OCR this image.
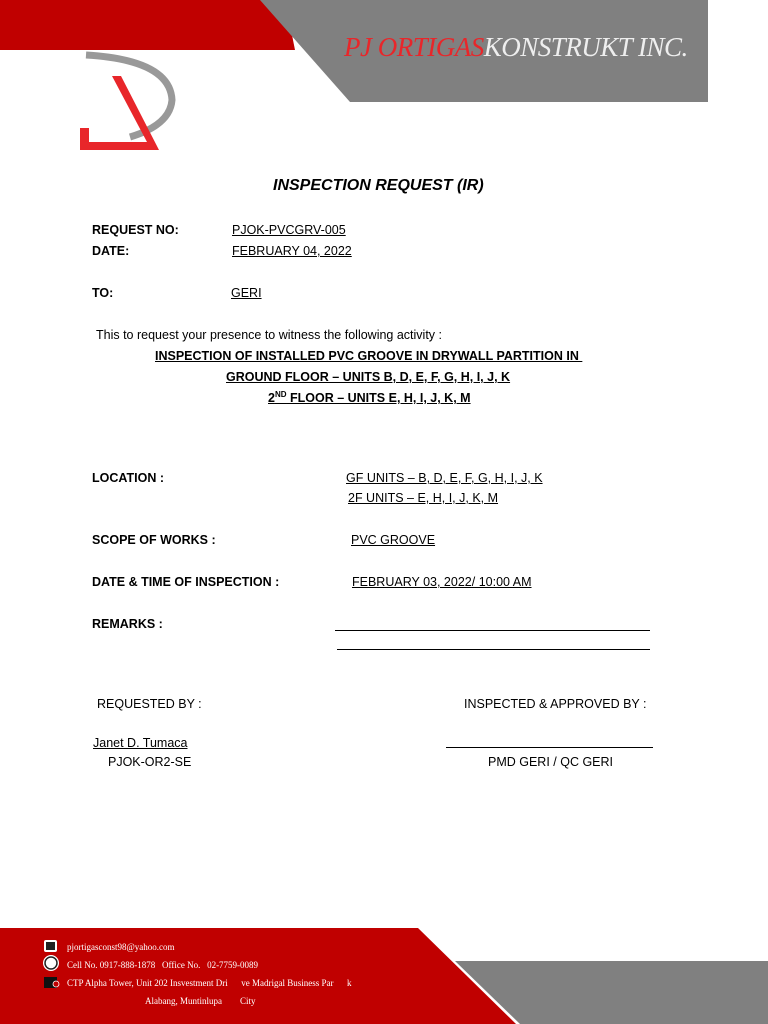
PJ ORTIGASKONSTRUKT INC.
INSPECTION REQUEST (IR)
REQUEST NO:	PJOK-PVCGRV-005
DATE:	FEBRUARY 04, 2022
TO:	GERI
This to request your presence to witness the following activity :
INSPECTION OF INSTALLED PVC GROOVE IN DRYWALL PARTITION IN
GROUND FLOOR – UNITS B, D, E, F, G, H, I, J, K
2ND FLOOR – UNITS E, H, I, J, K, M
LOCATION :	GF UNITS – B, D, E, F, G, H, I, J, K
2F UNITS – E, H, I, J, K, M
SCOPE OF WORKS :	PVC GROOVE
DATE & TIME OF INSPECTION :	FEBRUARY 03, 2022/ 10:00 AM
REMARKS :
REQUESTED BY :
Janet D. Tumaca
PJOK-OR2-SE
INSPECTED & APPROVED BY :
PMD GERI / QC GERI
pjortigasconst98@yahoo.com
Cell No. 0917-888-1878   Office No.   02-7759-0089
CTP Alpha Tower, Unit 202 Insvestment Dri      ve Madrigal Business Par      k
Alabang, Muntinlupa        City
